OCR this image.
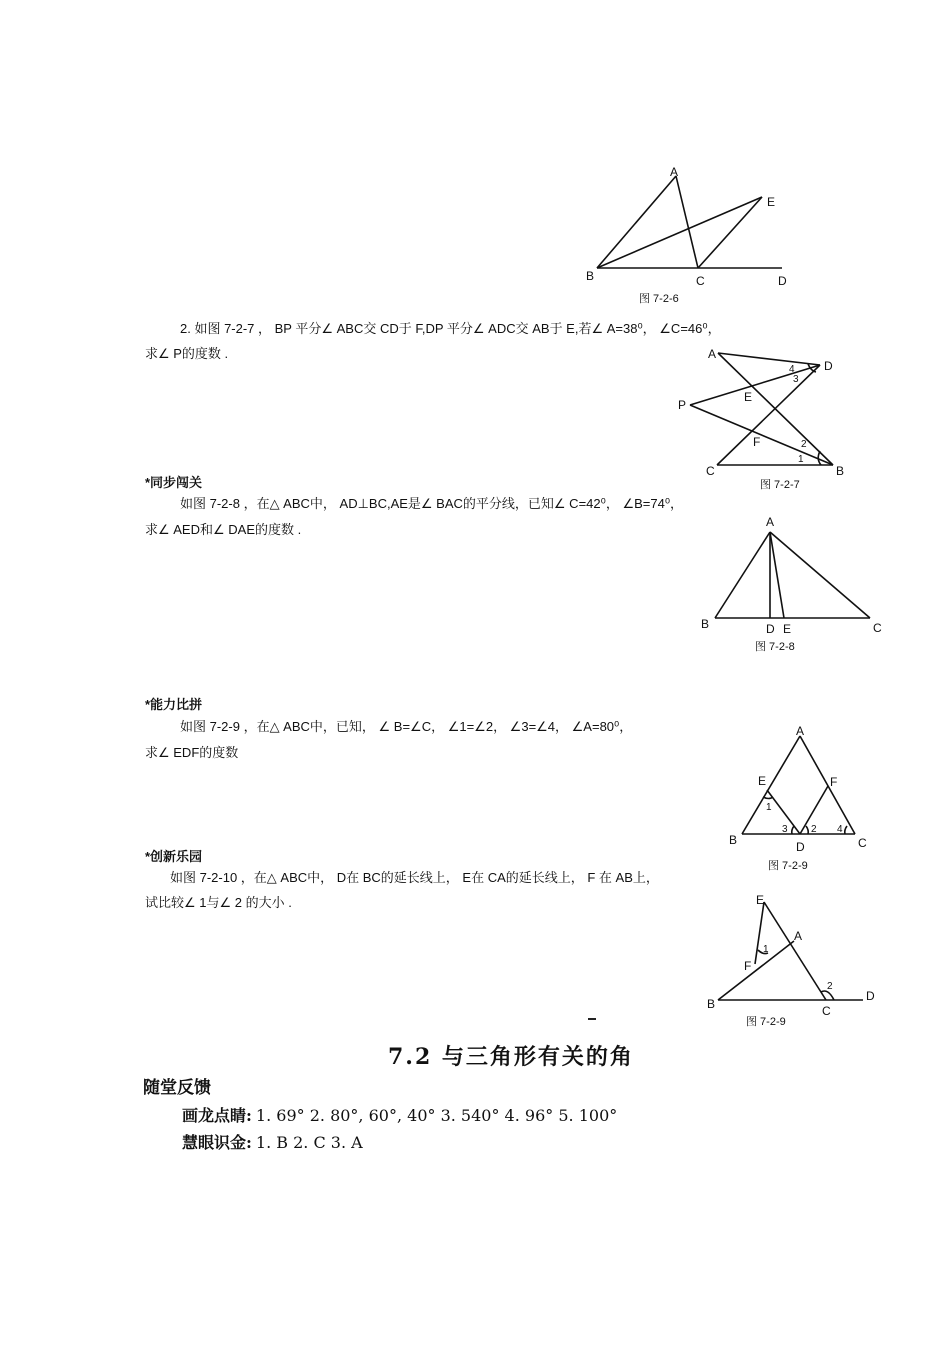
A
E
B	C	D
图 7-2-6
2. 如图 7-2-7 ， BP 平分∠ ABC交 CD于 F,DP 平分∠ ADC交 AB于 E,若∠ A=38⁰， ∠C=46⁰，
求∠ P的度数 .	A
D
4
3
P
E
F	2
1
C	B
图 7-2-7
*同步闯关
如图 7-2-8 ，在△ ABC中， AD⊥BC,AE是∠ BAC的平分线，已知∠ C=42⁰， ∠B=74⁰，
求∠ AED和∠ DAE的度数 .	A
B	D E	C
图 7-2-8
*能力比拼
如图 7-2-9 ，在△ ABC中，已知， ∠ B=∠C， ∠1=∠2， ∠3=∠4， ∠A=80⁰，
求∠ EDF的度数
A
E	F
1
3 2 4
B	D	C
图 7-2-9
*创新乐园
如图 7-2-10 ，在△ ABC中， D在 BC的延长线上， E在 CA的延长线上， F 在 AB上，
试比较∠ 1与∠ 2 的大小 .	E
A
1
F
2
B	C
D
图 7-2-9
7.2 与三角形有关的角
随堂反馈
画龙点睛: 1. 69° 2. 80°, 60°, 40° 3. 540° 4. 96° 5. 100°
慧眼识金: 1. B 2. C 3. A
